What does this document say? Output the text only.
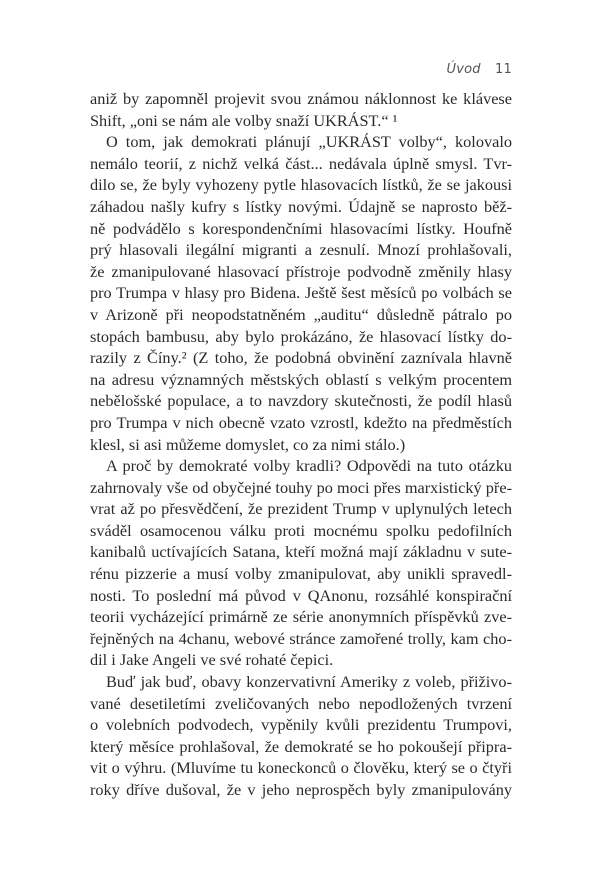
Úvod 11
aniž by zapomněl projevit svou známou náklonnost ke klávese
Shift, „oni se nám ale volby snaží UKRÁST.“ ¹
O tom, jak demokrati plánují „UKRÁST volby“, kolovalo
nemálo teorií, z nichž velká část... nedávala úplně smysl. Tvr-
dilo se, že byly vyhozeny pytle hlasovacích lístků, že se jakousi
záhadou našly kufry s lístky novými. Údajně se naprosto běž-
ně podvádělo s korespondenčními hlasovacími lístky. Houfně
prý hlasovali ilegální migranti a zesnulí. Mnozí prohlašovali,
že zmanipulované hlasovací přístroje podvodně změnily hlasy
pro Trumpa v hlasy pro Bidena. Ještě šest měsíců po volbách se
v Arizoně při neopodstatněném „auditu“ důsledně pátralo po
stopách bambusu, aby bylo prokázáno, že hlasovací lístky do-
razily z Číny.² (Z toho, že podobná obvinění zaznívala hlavně
na adresu významných městských oblastí s velkým procentem
nebělošské populace, a to navzdory skutečnosti, že podíl hlasů
pro Trumpa v nich obecně vzato vzrostl, kdežto na předměstích
klesl, si asi můžeme domyslet, co za nimi stálo.)
A proč by demokraté volby kradli? Odpovědi na tuto otázku
zahrnovaly vše od obyčejné touhy po moci přes marxistický pře-
vrat až po přesvědčení, že prezident Trump v uplynulých letech
sváděl osamocenou válku proti mocnému spolku pedofilních
kanibalů uctívajících Satana, kteří možná mají základnu v sute-
rénu pizzerie a musí volby zmanipulovat, aby unikli spravedl-
nosti. To poslední má původ v QAnonu, rozsáhlé konspirační
teorii vycházející primárně ze série anonymních příspěvků zve-
řejněných na 4chanu, webové stránce zamořené trolly, kam cho-
dil i Jake Angeli ve své rohaté čepici.
Buď jak buď, obavy konzervativní Ameriky z voleb, přiživo-
vané desetiletími zveličovaných nebo nepodložených tvrzení
o volebních podvodech, vypěnily kvůli prezidentu Trumpovi,
který měsíce prohlašoval, že demokraté se ho pokoušejí připra-
vit o výhru. (Mluvíme tu koneckonců o člověku, který se o čtyři
roky dříve dušoval, že v jeho neprospěch byly zmanipulovány
